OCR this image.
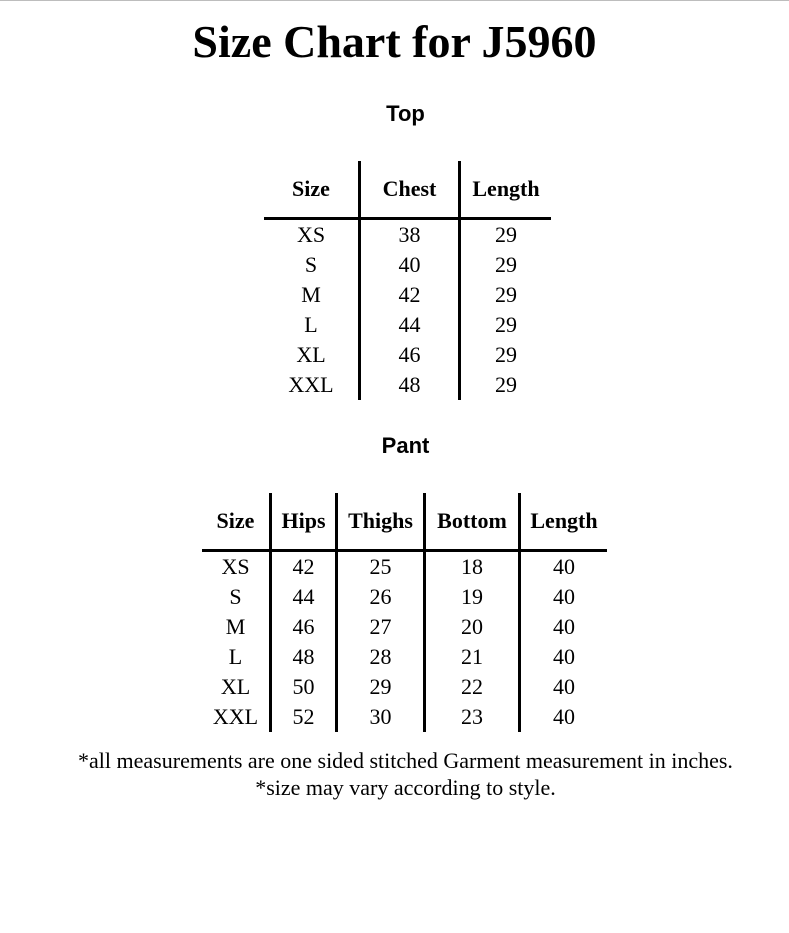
Size Chart for J5960
Top
Size	Chest	Length
XS	38	29
S	40	29
M	42	29
L	44	29
XL	46	29
XXL	48	29
Pant
Size	Hips	Thighs	Bottom	Length
XS	42	25	18	40
S	44	26	19	40
M	46	27	20	40
L	48	28	21	40
XL	50	29	22	40
XXL	52	30	23	40

*all measurements are one sided stitched Garment measurement in inches.

*size may vary according to style.
